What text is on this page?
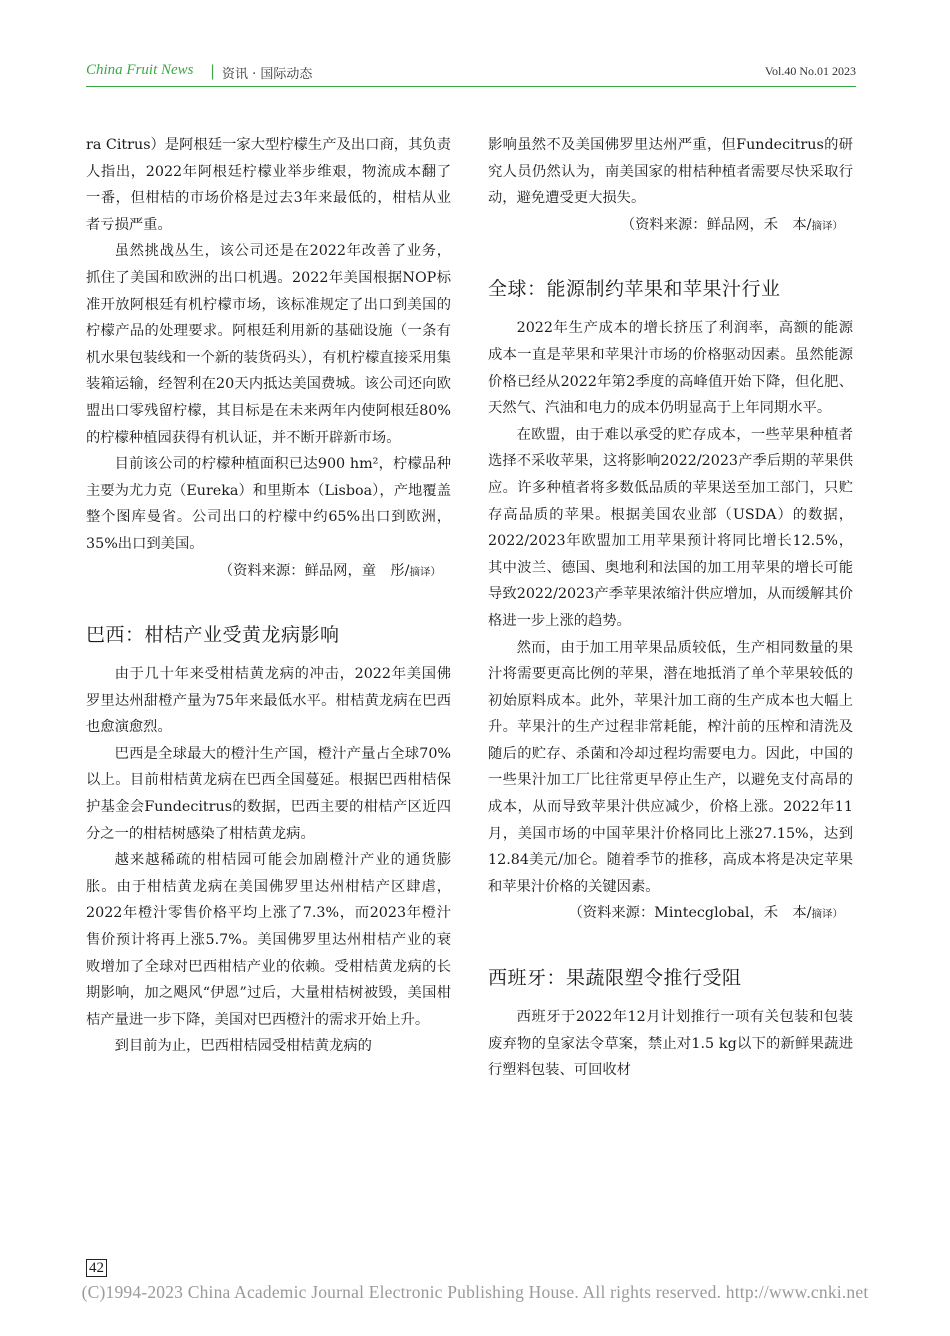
China Fruit News | 资讯 · 国际动态	Vol.40 No.01 2023

ra Citrus）是阿根廷一家大型柠檬生产及出口商，其负责人指出，2022年阿根廷柠檬业举步维艰，物流成本翻了一番，但柑桔的市场价格是过去3年来最低的，柑桔从业者亏损严重。

虽然挑战丛生，该公司还是在2022年改善了业务，抓住了美国和欧洲的出口机遇。2022年美国根据NOP标准开放阿根廷有机柠檬市场，该标准规定了出口到美国的柠檬产品的处理要求。阿根廷利用新的基础设施（一条有机水果包装线和一个新的装货码头），有机柠檬直接采用集装箱运输，经智利在20天内抵达美国费城。该公司还向欧盟出口零残留柠檬，其目标是在未来两年内使阿根廷80%的柠檬种植园获得有机认证，并不断开辟新市场。

目前该公司的柠檬种植面积已达900 hm²，柠檬品种主要为尤力克（Eureka）和里斯本（Lisboa），产地覆盖整个图库曼省。公司出口的柠檬中约65%出口到欧洲，35%出口到美国。

（资料来源：鲜品网，童　彤/摘译）

巴西：柑桔产业受黄龙病影响

由于几十年来受柑桔黄龙病的冲击，2022年美国佛罗里达州甜橙产量为75年来最低水平。柑桔黄龙病在巴西也愈演愈烈。

巴西是全球最大的橙汁生产国，橙汁产量占全球70%以上。目前柑桔黄龙病在巴西全国蔓延。根据巴西柑桔保护基金会Fundecitrus的数据，巴西主要的柑桔产区近四分之一的柑桔树感染了柑桔黄龙病。

越来越稀疏的柑桔园可能会加剧橙汁产业的通货膨胀。由于柑桔黄龙病在美国佛罗里达州柑桔产区肆虐，2022年橙汁零售价格平均上涨了7.3%，而2023年橙汁售价预计将再上涨5.7%。美国佛罗里达州柑桔产业的衰败增加了全球对巴西柑桔产业的依赖。受柑桔黄龙病的长期影响，加之飓风“伊恩”过后，大量柑桔树被毁，美国柑桔产量进一步下降，美国对巴西橙汁的需求开始上升。

到目前为止，巴西柑桔园受柑桔黄龙病的

影响虽然不及美国佛罗里达州严重，但Fundecitrus的研究人员仍然认为，南美国家的柑桔种植者需要尽快采取行动，避免遭受更大损失。

（资料来源：鲜品网，禾　本/摘译）

全球：能源制约苹果和苹果汁行业

2022年生产成本的增长挤压了利润率，高额的能源成本一直是苹果和苹果汁市场的价格驱动因素。虽然能源价格已经从2022年第2季度的高峰值开始下降，但化肥、天然气、汽油和电力的成本仍明显高于上年同期水平。

在欧盟，由于难以承受的贮存成本，一些苹果种植者选择不采收苹果，这将影响2022/2023产季后期的苹果供应。许多种植者将多数低品质的苹果送至加工部门，只贮存高品质的苹果。根据美国农业部（USDA）的数据，2022/2023年欧盟加工用苹果预计将同比增长12.5%，其中波兰、德国、奥地利和法国的加工用苹果的增长可能导致2022/2023产季苹果浓缩汁供应增加，从而缓解其价格进一步上涨的趋势。

然而，由于加工用苹果品质较低，生产相同数量的果汁将需要更高比例的苹果，潜在地抵消了单个苹果较低的初始原料成本。此外，苹果汁加工商的生产成本也大幅上升。苹果汁的生产过程非常耗能，榨汁前的压榨和清洗及随后的贮存、杀菌和冷却过程均需要电力。因此，中国的一些果汁加工厂比往常更早停止生产，以避免支付高昂的成本，从而导致苹果汁供应减少，价格上涨。2022年11月，美国市场的中国苹果汁价格同比上涨27.15%，达到12.84美元/加仑。随着季节的推移，高成本将是决定苹果和苹果汁价格的关键因素。

（资料来源：Mintecglobal，禾　本/摘译）

西班牙：果蔬限塑令推行受阻

西班牙于2022年12月计划推行一项有关包装和包装废弃物的皇家法令草案，禁止对1.5 kg以下的新鲜果蔬进行塑料包装、可回收材

42
(C)1994-2023 China Academic Journal Electronic Publishing House. All rights reserved. http://www.cnki.net
